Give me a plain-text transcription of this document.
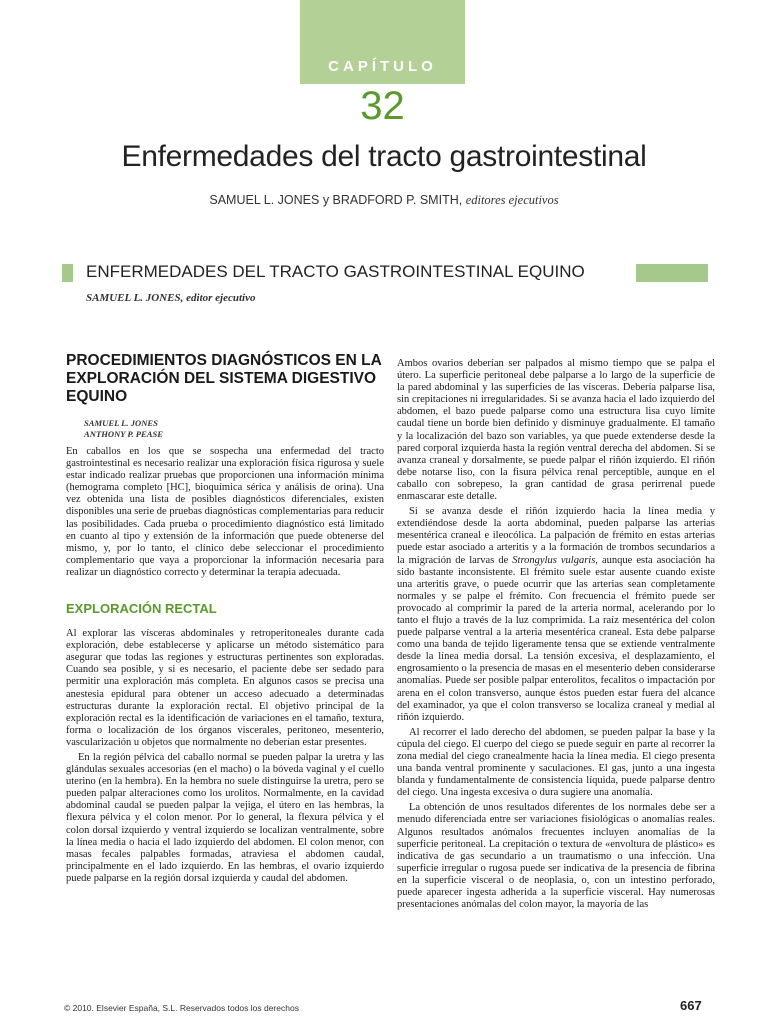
CAPÍTULO
32
Enfermedades del tracto gastrointestinal
SAMUEL L. JONES y BRADFORD P. SMITH, editores ejecutivos
ENFERMEDADES DEL TRACTO GASTROINTESTINAL EQUINO
SAMUEL L. JONES, editor ejecutivo
PROCEDIMIENTOS DIAGNÓSTICOS EN LA EXPLORACIÓN DEL SISTEMA DIGESTIVO EQUINO
SAMUEL L. JONES
ANTHONY P. PEASE

En caballos en los que se sospecha una enfermedad del tracto gastrointestinal es necesario realizar una exploración física rigurosa y suele estar indicado realizar pruebas que proporcionen una información mínima (hemograma completo [HC], bioquímica sérica y análisis de orina). Una vez obtenida una lista de posibles diagnósticos diferenciales, existen disponibles una serie de pruebas diagnósticas complementarias para reducir las posibilidades. Cada prueba o procedimiento diagnóstico está limitado en cuanto al tipo y extensión de la información que puede obtenerse del mismo, y, por lo tanto, el clínico debe seleccionar el procedimiento complementario que vaya a proporcionar la información necesaria para realizar un diagnóstico correcto y determinar la terapia adecuada.

EXPLORACIÓN RECTAL

Al explorar las vísceras abdominales y retroperitoneales durante cada exploración, debe establecerse y aplicarse un método sistemático para asegurar que todas las regiones y estructuras pertinentes son exploradas. Cuando sea posible, y si es necesario, el paciente debe ser sedado para permitir una exploración más completa. En algunos casos se precisa una anestesia epidural para obtener un acceso adecuado a determinadas estructuras durante la exploración rectal. El objetivo principal de la exploración rectal es la identificación de variaciones en el tamaño, textura, forma o localización de los órganos viscerales, peritoneo, mesenterio, vascularización u objetos que normalmente no deberían estar presentes.

En la región pélvica del caballo normal se pueden palpar la uretra y las glándulas sexuales accesorias (en el macho) o la bóveda vaginal y el cuello uterino (en la hembra). En la hembra no suele distinguirse la uretra, pero se pueden palpar alteraciones como los urolitos. Normalmente, en la cavidad abdominal caudal se pueden palpar la vejiga, el útero en las hembras, la flexura pélvica y el colon menor. Por lo general, la flexura pélvica y el colon dorsal izquierdo y ventral izquierdo se localizan ventralmente, sobre la línea media o hacia el lado izquierdo del abdomen. El colon menor, con masas fecales palpables formadas, atraviesa el abdomen caudal, principalmente en el lado izquierdo. En las hembras, el ovario izquierdo puede palparse en la región dorsal izquierda y caudal del abdomen.

Ambos ovarios deberían ser palpados al mismo tiempo que se palpa el útero. La superficie peritoneal debe palparse a lo largo de la superficie de la pared abdominal y las superficies de las vísceras. Debería palparse lisa, sin crepitaciones ni irregularidades. Si se avanza hacia el lado izquierdo del abdomen, el bazo puede palparse como una estructura lisa cuyo límite caudal tiene un borde bien definido y disminuye gradualmente. El tamaño y la localización del bazo son variables, ya que puede extenderse desde la pared corporal izquierda hasta la región ventral derecha del abdomen. Si se avanza craneal y dorsalmente, se puede palpar el riñón izquierdo. El riñón debe notarse liso, con la fisura pélvica renal perceptible, aunque en el caballo con sobrepeso, la gran cantidad de grasa perirrenal puede enmascarar este detalle.

Si se avanza desde el riñón izquierdo hacia la línea media y extendiéndose desde la aorta abdominal, pueden palparse las arterias mesentérica craneal e ileocólica. La palpación de frémito en estas arterias puede estar asociado a arteritis y a la formación de trombos secundarios a la migración de larvas de Strongylus vulgaris, aunque esta asociación ha sido bastante inconsistente. El frémito suele estar ausente cuando existe una arteritis grave, o puede ocurrir que las arterias sean completamente normales y se palpe el frémito. Con frecuencia el frémito puede ser provocado al comprimir la pared de la arteria normal, acelerando por lo tanto el flujo a través de la luz comprimida. La raíz mesentérica del colon puede palparse ventral a la arteria mesentérica craneal. Esta debe palparse como una banda de tejido ligeramente tensa que se extiende ventralmente desde la línea media dorsal. La tensión excesiva, el desplazamiento, el engrosamiento o la presencia de masas en el mesenterio deben considerarse anomalías. Puede ser posible palpar enterolitos, fecalitos o impactación por arena en el colon transverso, aunque éstos pueden estar fuera del alcance del examinador, ya que el colon transverso se localiza craneal y medial al riñón izquierdo.

Al recorrer el lado derecho del abdomen, se pueden palpar la base y la cúpula del ciego. El cuerpo del ciego se puede seguir en parte al recorrer la zona medial del ciego cranealmente hacia la línea media. El ciego presenta una banda ventral prominente y saculaciones. El gas, junto a una ingesta blanda y fundamentalmente de consistencia líquida, puede palparse dentro del ciego. Una ingesta excesiva o dura sugiere una anomalía.

La obtención de unos resultados diferentes de los normales debe ser a menudo diferenciada entre ser variaciones fisiológicas o anomalías reales. Algunos resultados anómalos frecuentes incluyen anomalías de la superficie peritoneal. La crepitación o textura de «envoltura de plástico» es indicativa de gas secundario a un traumatismo o una infección. Una superficie irregular o rugosa puede ser indicativa de la presencia de fibrina en la superficie visceral o de neoplasia, o, con un intestino perforado, puede aparecer ingesta adherida a la superficie visceral. Hay numerosas presentaciones anómalas del colon mayor, la mayoría de las

© 2010. Elsevier España, S.L. Reservados todos los derechos	667
